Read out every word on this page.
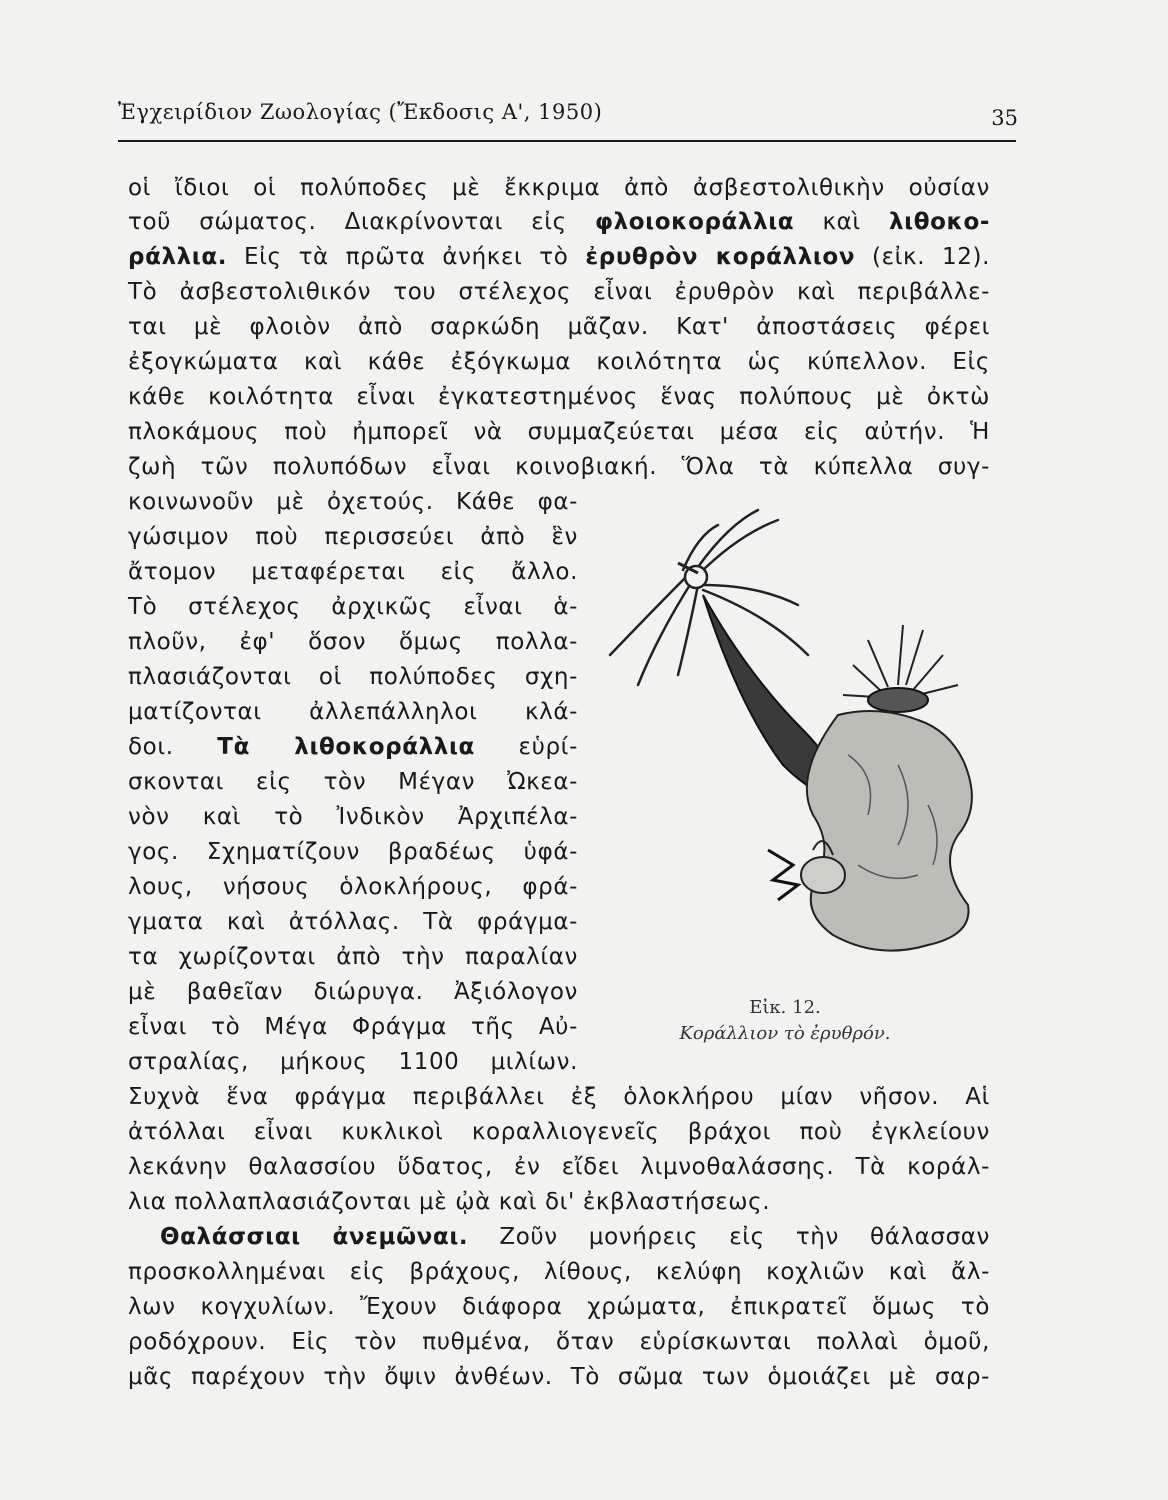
Ἐγχειρίδιον Ζωολογίας (Ἔκδοσις Α', 1950)	35
οἱ ἴδιοι οἱ πολύποδες μὲ ἔκκριμα ἀπὸ ἀσβεστολιθικὴν οὐσίαν
τοῦ σώματος. Διακρίνονται εἰς φλοιοκοράλλια καὶ λιθοκο-
ράλλια. Εἰς τὰ πρῶτα ἀνήκει τὸ ἐρυθρὸν κοράλλιον (εἰκ. 12).
Τὸ ἀσβεστολιθικόν του στέλεχος εἶναι ἐρυθρὸν καὶ περιβάλλε-
ται μὲ φλοιὸν ἀπὸ σαρκώδη μᾶζαν. Κατ' ἀποστάσεις φέρει
ἐξογκώματα καὶ κάθε ἐξόγκωμα κοιλότητα ὡς κύπελλον. Εἰς
κάθε κοιλότητα εἶναι ἐγκατεστημένος ἕνας πολύπους μὲ ὀκτὼ
πλοκάμους ποὺ ἠμπορεῖ νὰ συμμαζεύεται μέσα εἰς αὐτήν. Ἡ
ζωὴ τῶν πολυπόδων εἶναι κοινοβιακή. Ὅλα τὰ κύπελλα συγ-
κοινωνοῦν μὲ ὀχετούς. Κάθε φα-
γώσιμον ποὺ περισσεύει ἀπὸ ἓν
ἄτομον μεταφέρεται εἰς ἄλλο.
Τὸ στέλεχος ἀρχικῶς εἶναι ἁ-
πλοῦν, ἐφ' ὅσον ὅμως πολλα-
πλασιάζονται οἱ πολύποδες σχη-
ματίζονται ἀλλεπάλληλοι κλά-
δοι. Τὰ λιθοκοράλλια εὑρί-
σκονται εἰς τὸν Μέγαν Ὠκεα-
νὸν καὶ τὸ Ἰνδικὸν Ἀρχιπέλα-
γος. Σχηματίζουν βραδέως ὑφά-
λους, νήσους ὁλοκλήρους, φρά-
γματα καὶ ἀτόλλας. Τὰ φράγμα-
τα χωρίζονται ἀπὸ τὴν παραλίαν
μὲ βαθεῖαν διώρυγα. Ἀξιόλογον
εἶναι τὸ Μέγα Φράγμα τῆς Αὐ-
στραλίας, μήκους 1100 μιλίων.
Συχνὰ ἕνα φράγμα περιβάλλει ἐξ ὁλοκλήρου μίαν νῆσον. Αἱ
ἀτόλλαι εἶναι κυκλικοὶ κοραλλιογενεῖς βράχοι ποὺ ἐγκλείουν
λεκάνην θαλασσίου ὕδατος, ἐν εἴδει λιμνοθαλάσσης. Τὰ κοράλ-
λια πολλαπλασιάζονται μὲ ᾠὰ καὶ δι' ἐκβλαστήσεως.
Θαλάσσιαι ἀνεμῶναι. Ζοῦν μονήρεις εἰς τὴν θάλασσαν
προσκολλημέναι εἰς βράχους, λίθους, κελύφη κοχλιῶν καὶ ἄλ-
λων κογχυλίων. Ἔχουν διάφορα χρώματα, ἐπικρατεῖ ὅμως τὸ
ροδόχρουν. Εἰς τὸν πυθμένα, ὅταν εὑρίσκωνται πολλαὶ ὁμοῦ,
μᾶς παρέχουν τὴν ὄψιν ἀνθέων. Τὸ σῶμα των ὁμοιάζει μὲ σαρ-
Εἰκ. 12.
Κοράλλιον τὸ ἐρυθρόν.
